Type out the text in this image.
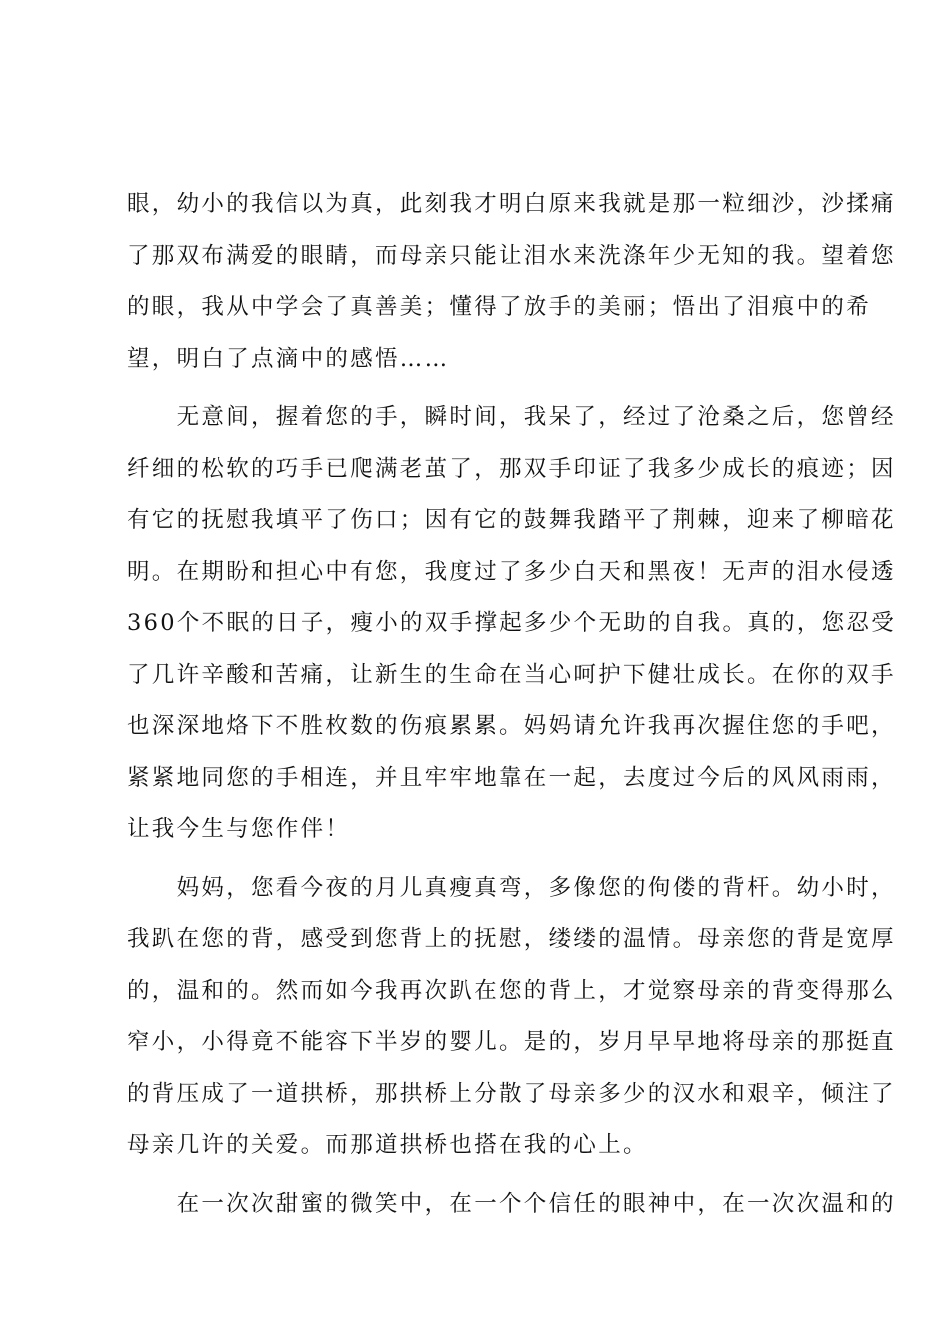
眼，幼小的我信以为真，此刻我才明白原来我就是那一粒细沙，沙揉痛
了那双布满爱的眼睛，而母亲只能让泪水来洗涤年少无知的我。望着您
的眼，我从中学会了真善美；懂得了放手的美丽；悟出了泪痕中的希
望，明白了点滴中的感悟……
　　无意间，握着您的手，瞬时间，我呆了，经过了沧桑之后，您曾经
纤细的松软的巧手已爬满老茧了，那双手印证了我多少成长的痕迹；因
有它的抚慰我填平了伤口；因有它的鼓舞我踏平了荆棘，迎来了柳暗花
明。在期盼和担心中有您，我度过了多少白天和黑夜！无声的泪水侵透
360个不眠的日子，瘦小的双手撑起多少个无助的自我。真的，您忍受
了几许辛酸和苦痛，让新生的生命在当心呵护下健壮成长。在你的双手
也深深地烙下不胜枚数的伤痕累累。妈妈请允许我再次握住您的手吧，
紧紧地同您的手相连，并且牢牢地靠在一起，去度过今后的风风雨雨，
让我今生与您作伴！
　　妈妈，您看今夜的月儿真瘦真弯，多像您的佝偻的背杆。幼小时，
我趴在您的背，感受到您背上的抚慰，缕缕的温情。母亲您的背是宽厚
的，温和的。然而如今我再次趴在您的背上，才觉察母亲的背变得那么
窄小，小得竟不能容下半岁的婴儿。是的，岁月早早地将母亲的那挺直
的背压成了一道拱桥，那拱桥上分散了母亲多少的汉水和艰辛，倾注了
母亲几许的关爱。而那道拱桥也搭在我的心上。
　　在一次次甜蜜的微笑中，在一个个信任的眼神中，在一次次温和的
